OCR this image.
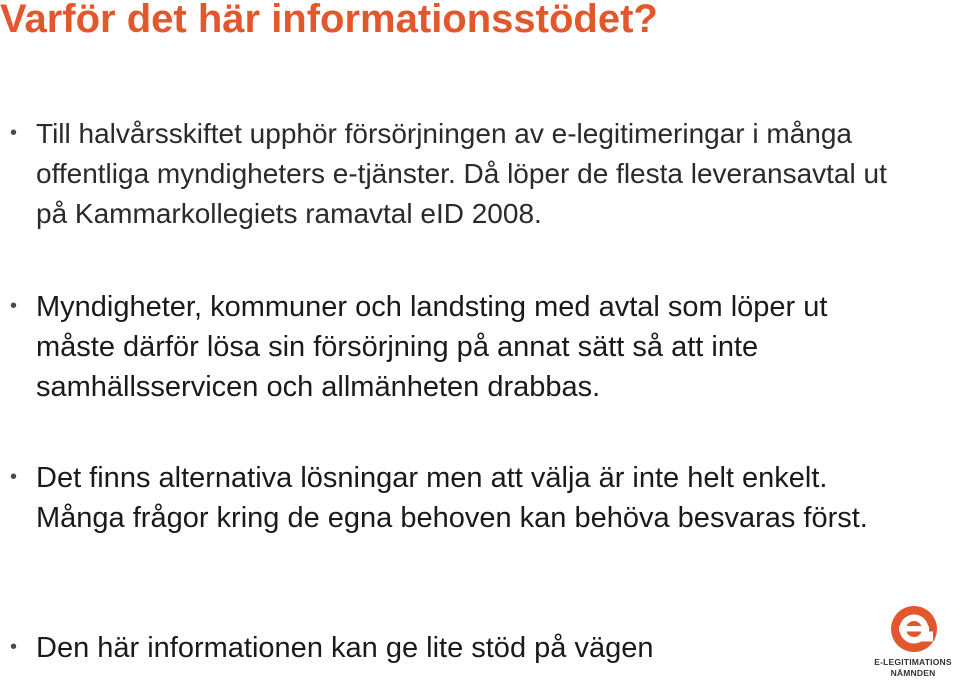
Varför det här informationsstödet?
• Till halvårsskiftet upphör försörjningen av e-legitimeringar i många offentliga myndigheters e-tjänster. Då löper de flesta leveransavtal ut på Kammarkollegiets ramavtal eID 2008.
• Myndigheter, kommuner och landsting med avtal som löper ut måste därför lösa sin försörjning på annat sätt så att inte samhällsservicen och allmänheten drabbas.
• Det finns alternativa lösningar men att välja är inte helt enkelt. Många frågor kring de egna behoven kan behöva besvaras först.
• Den här informationen kan ge lite stöd på vägen	E-LEGITIMATIONS
NÄMNDEN
